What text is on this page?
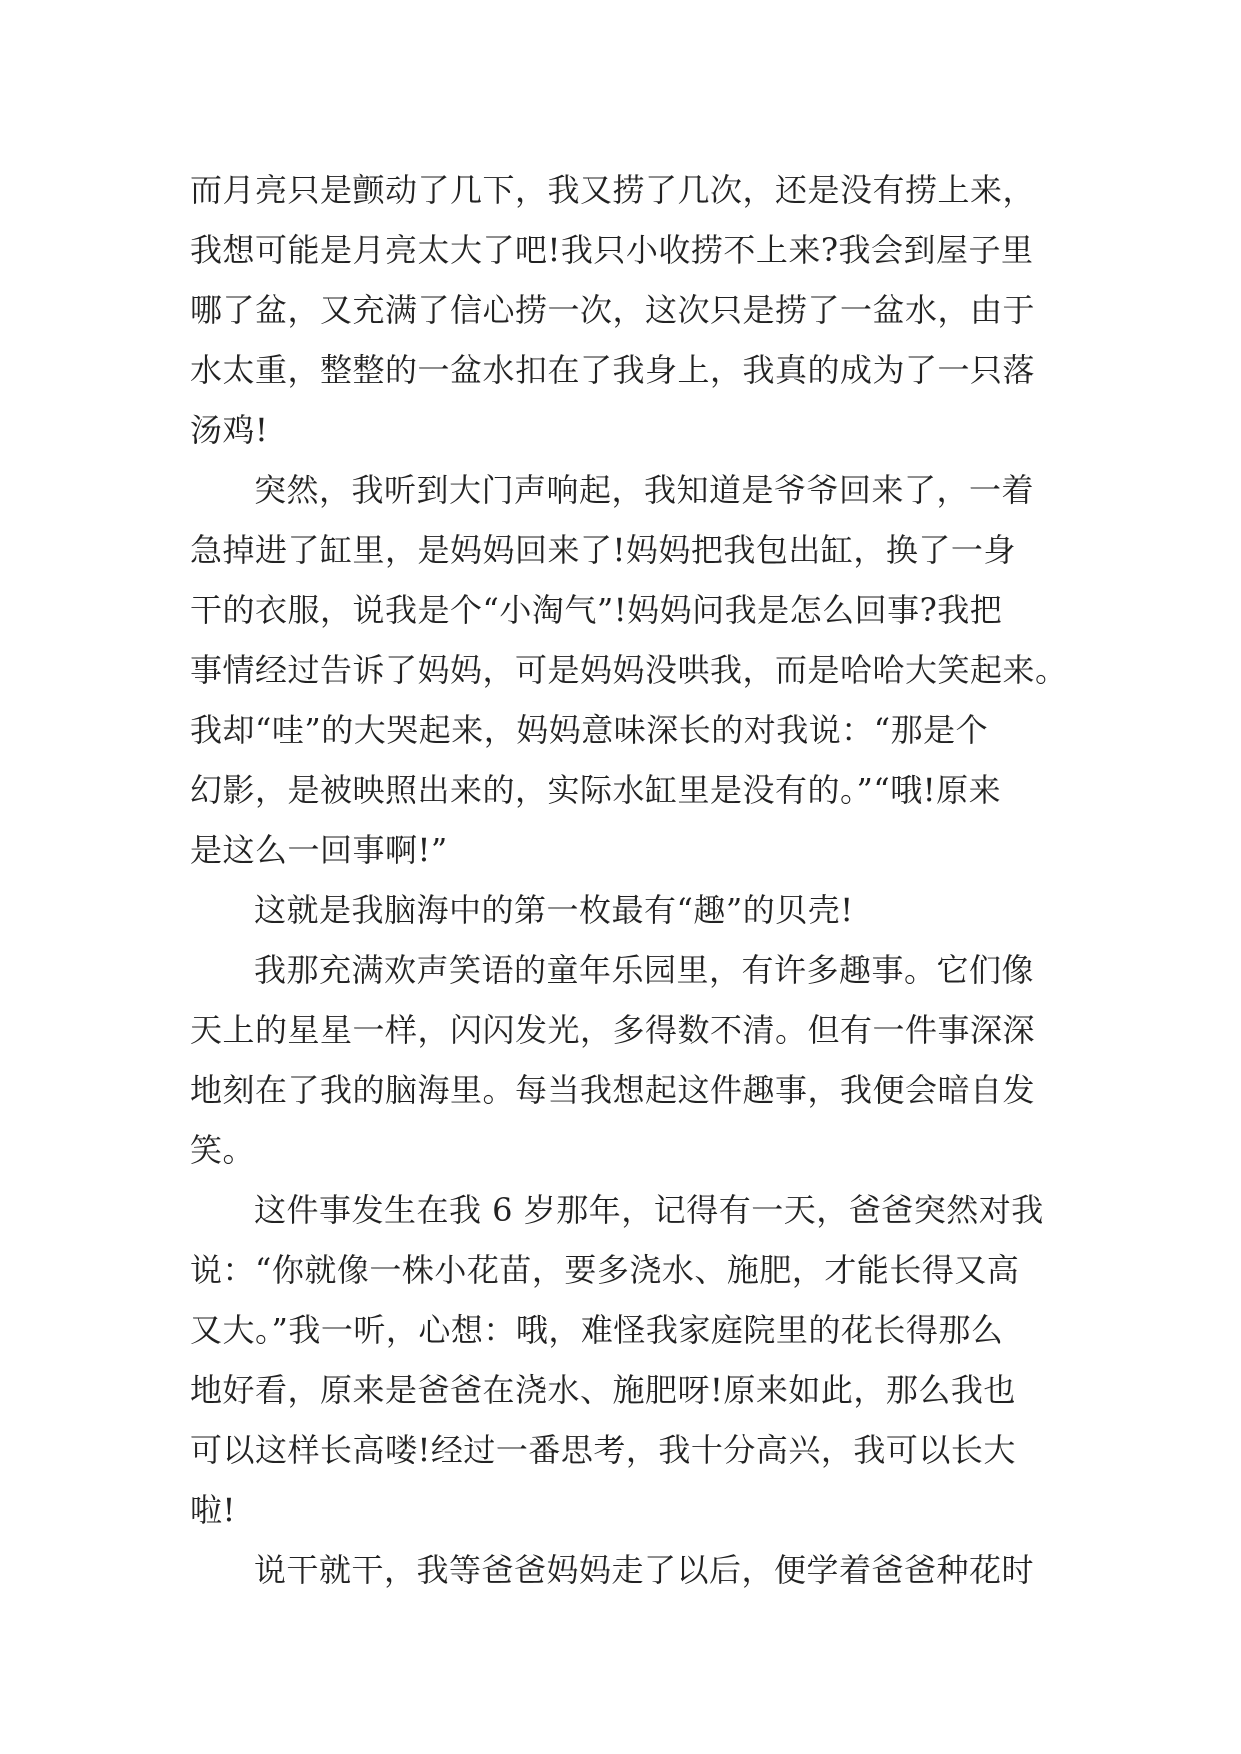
而月亮只是颤动了几下，我又捞了几次，还是没有捞上来，
我想可能是月亮太大了吧!我只小收捞不上来?我会到屋子里
哪了盆，又充满了信心捞一次，这次只是捞了一盆水，由于
水太重，整整的一盆水扣在了我身上，我真的成为了一只落
汤鸡!
突然，我听到大门声响起，我知道是爷爷回来了，一着
急掉进了缸里，是妈妈回来了!妈妈把我包出缸，换了一身
干的衣服，说我是个“小淘气”!妈妈问我是怎么回事?我把
事情经过告诉了妈妈，可是妈妈没哄我，而是哈哈大笑起来。
我却“哇”的大哭起来，妈妈意味深长的对我说：“那是个
幻影，是被映照出来的，实际水缸里是没有的。”“哦!原来
是这么一回事啊!”
这就是我脑海中的第一枚最有“趣”的贝壳!
我那充满欢声笑语的童年乐园里，有许多趣事。它们像
天上的星星一样，闪闪发光，多得数不清。但有一件事深深
地刻在了我的脑海里。每当我想起这件趣事，我便会暗自发
笑。
这件事发生在我 6 岁那年，记得有一天，爸爸突然对我
说：“你就像一株小花苗，要多浇水、施肥，才能长得又高
又大。”我一听，心想：哦，难怪我家庭院里的花长得那么
地好看，原来是爸爸在浇水、施肥呀!原来如此，那么我也
可以这样长高喽!经过一番思考，我十分高兴，我可以长大
啦!
说干就干，我等爸爸妈妈走了以后，便学着爸爸种花时
